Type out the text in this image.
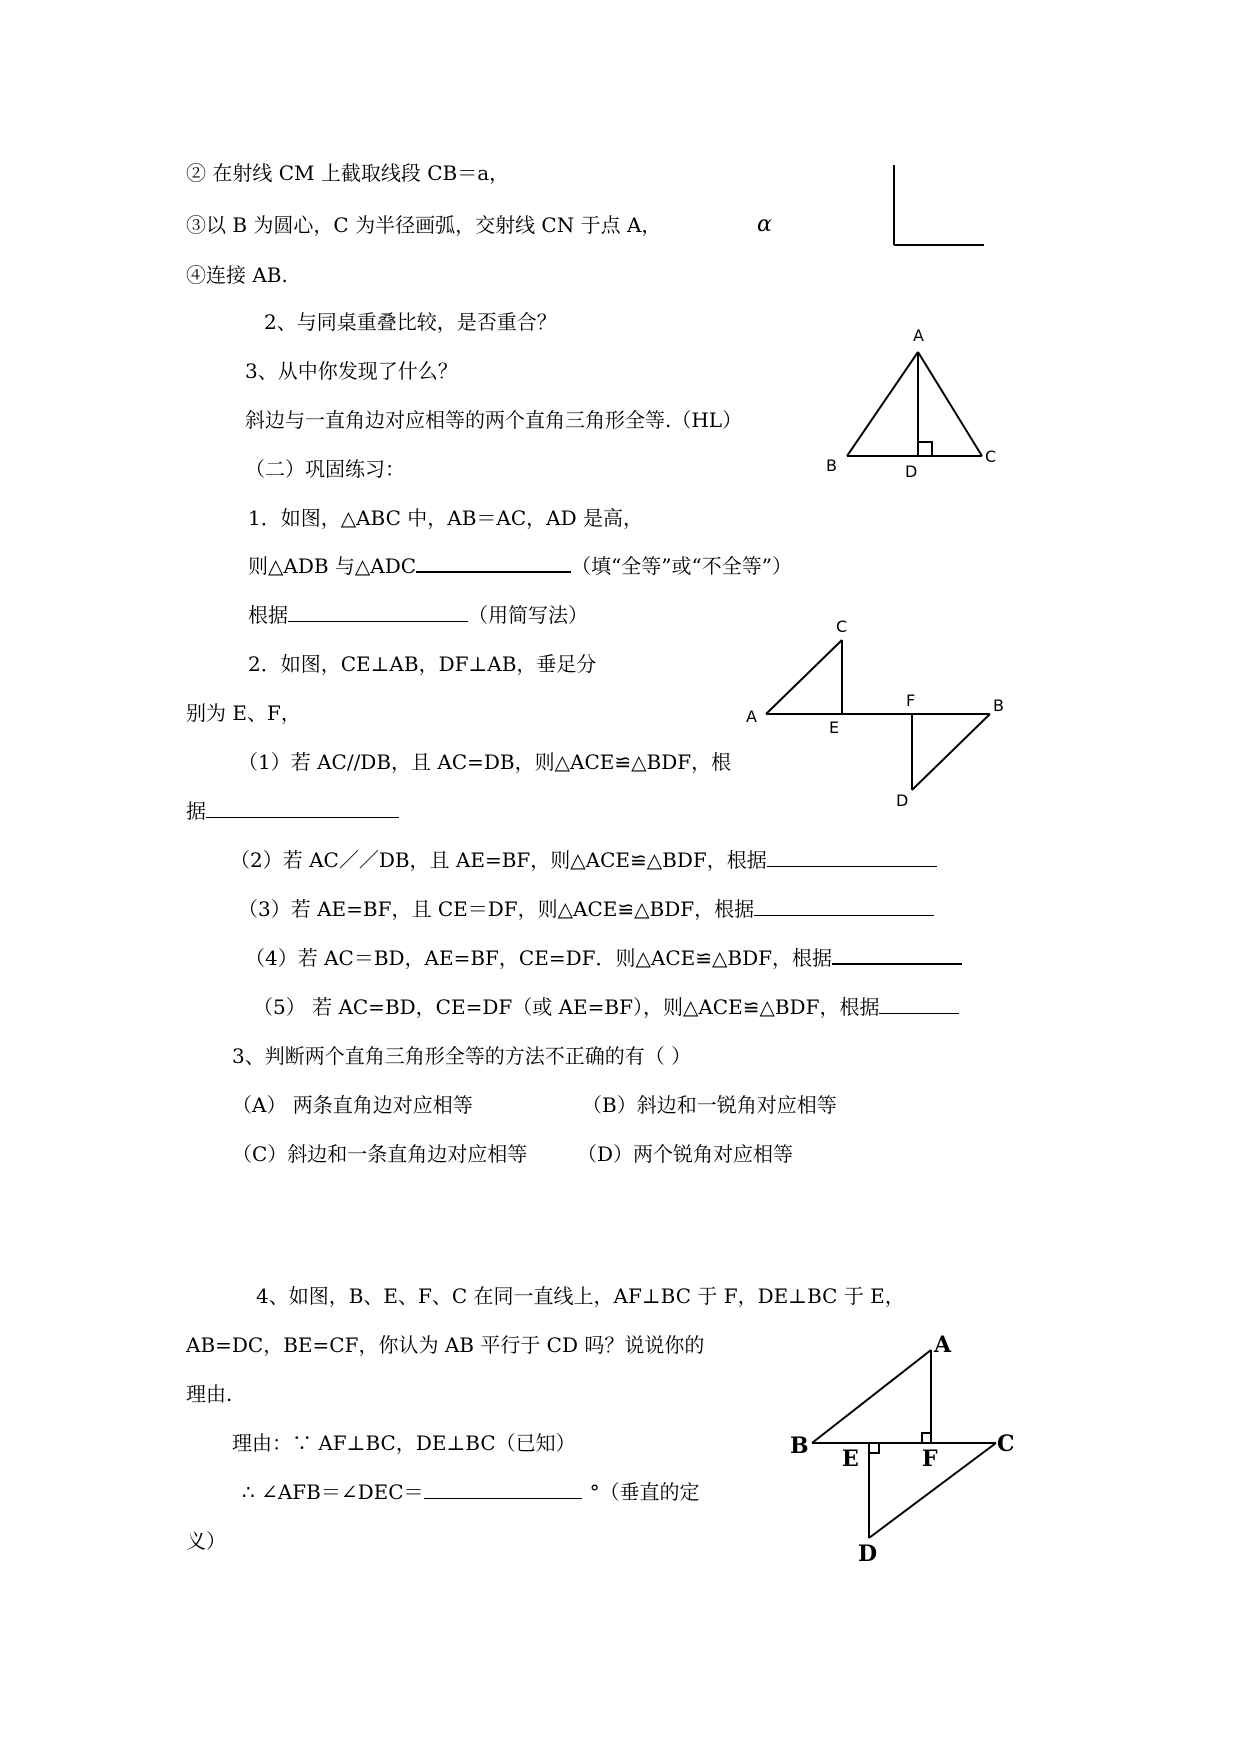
② 在射线 CM 上截取线段 CB＝a，
③以 B 为圆心，C 为半径画弧，交射线 CN 于点 A，	α
④连接 AB.
2、与同桌重叠比较，是否重合？
3、从中你发现了什么？
斜边与一直角边对应相等的两个直角三角形全等.（HL）
（二）巩固练习：
1．如图，△ABC 中，AB＝AC，AD 是高，
则△ADB 与△ADC	（填“全等”或“不全等”）
根据	（用简写法）
2．如图，CE⊥AB，DF⊥AB，垂足分
别为 E、F，
（1）若 AC//DB，且 AC=DB，则△ACE≌△BDF，根
据
（2）若 AC／／DB，且 AE=BF，则△ACE≌△BDF，根据
（3）若 AE=BF，且 CE＝DF，则△ACE≌△BDF，根据
（4）若 AC＝BD，AE=BF，CE=DF．则△ACE≌△BDF，根据
（5） 若 AC=BD，CE=DF（或 AE=BF），则△ACE≌△BDF，根据
3、判断两个直角三角形全等的方法不正确的有（ ）
（A） 两条直角边对应相等	（B）斜边和一锐角对应相等
（C）斜边和一条直角边对应相等 （D）两个锐角对应相等
4、如图，B、E、F、C 在同一直线上，AF⊥BC 于 F，DE⊥BC 于 E，
AB=DC，BE=CF，你认为 AB 平行于 CD 吗？说说你的
理由.
理由：∵ AF⊥BC，DE⊥BC（已知）
∴ ∠AFB＝∠DEC＝	°（垂直的定
义）
A
B	C
D
C
A
E
F	B
D
A
B E	F
C
D
